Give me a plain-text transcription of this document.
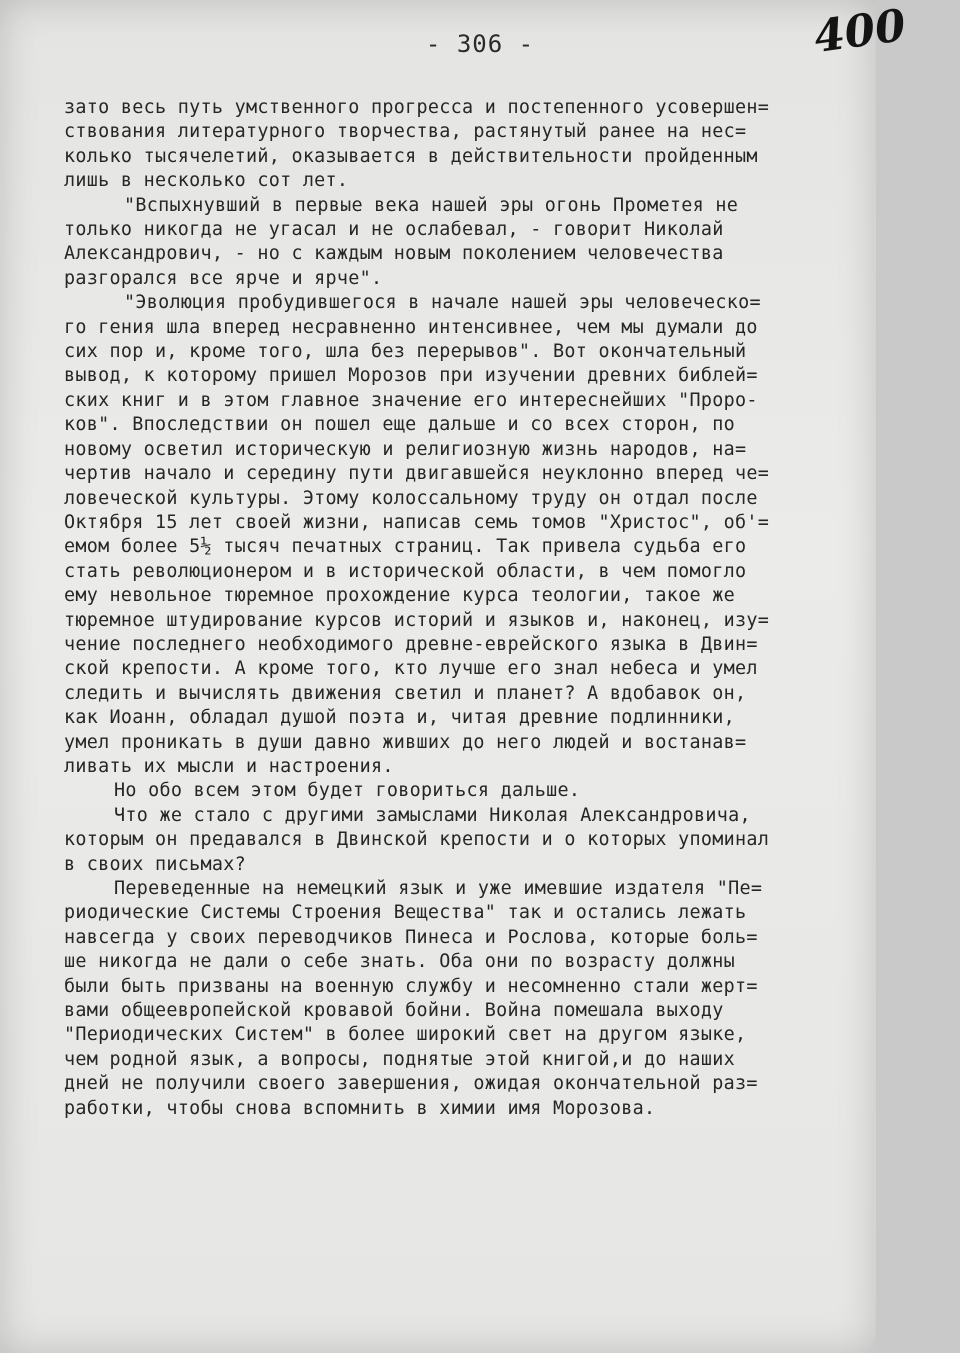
- 306 -	400
зато весь путь умственного прогресса и постепенного усовершен=
ствования литературного творчества, растянутый ранее на нес=
колько тысячелетий, оказывается в действительности пройденным
лишь в несколько сот лет.
"Вспыхнувший в первые века нашей эры огонь Прометея не
только никогда не угасал и не ослабевал, - говорит Николай
Александрович, - но с каждым новым поколением человечества
разгорался все ярче и ярче".
"Эволюция пробудившегося в начале нашей эры человеческо=
го гения шла вперед несравненно интенсивнее, чем мы думали до
сих пор и, кроме того, шла без перерывов". Вот окончательный
вывод, к которому пришел Морозов при изучении древних библей=
ских книг и в этом главное значение его интереснейших "Проро-
ков". Впоследствии он пошел еще дальше и со всех сторон, по
новому осветил историческую и религиозную жизнь народов, на=
чертив начало и середину пути двигавшейся неуклонно вперед че=
ловеческой культуры. Этому колоссальному труду он отдал после
Октября 15 лет своей жизни, написав семь томов "Христос", об'=
емом более 5½ тысяч печатных страниц. Так привела судьба его
стать революционером и в исторической области, в чем помогло
ему невольное тюремное прохождение курса теологии, такое же
тюремное штудирование курсов историй и языков и, наконец, изу=
чение последнего необходимого древне-еврейского языка в Двин=
ской крепости. А кроме того, кто лучше его знал небеса и умел
следить и вычислять движения светил и планет? А вдобавок он,
как Иоанн, обладал душой поэта и, читая древние подлинники,
умел проникать в души давно живших до него людей и востанав=
ливать их мысли и настроения.
Но обо всем этом будет говориться дальше.
Что же стало с другими замыслами Николая Александровича,
которым он предавался в Двинской крепости и о которых упоминал
в своих письмах?
Переведенные на немецкий язык и уже имевшие издателя "Пе=
риодические Системы Строения Вещества" так и остались лежать
навсегда у своих переводчиков Пинеса и Рослова, которые боль=
ше никогда не дали о себе знать. Оба они по возрасту должны
были быть призваны на военную службу и несомненно стали жерт=
вами общеевропейской кровавой бойни. Война помешала выходу
"Периодических Систем" в более широкий свет на другом языке,
чем родной язык, а вопросы, поднятые этой книгой,и до наших
дней не получили своего завершения, ожидая окончательной раз=
работки, чтобы снова вспомнить в химии имя Морозова.
